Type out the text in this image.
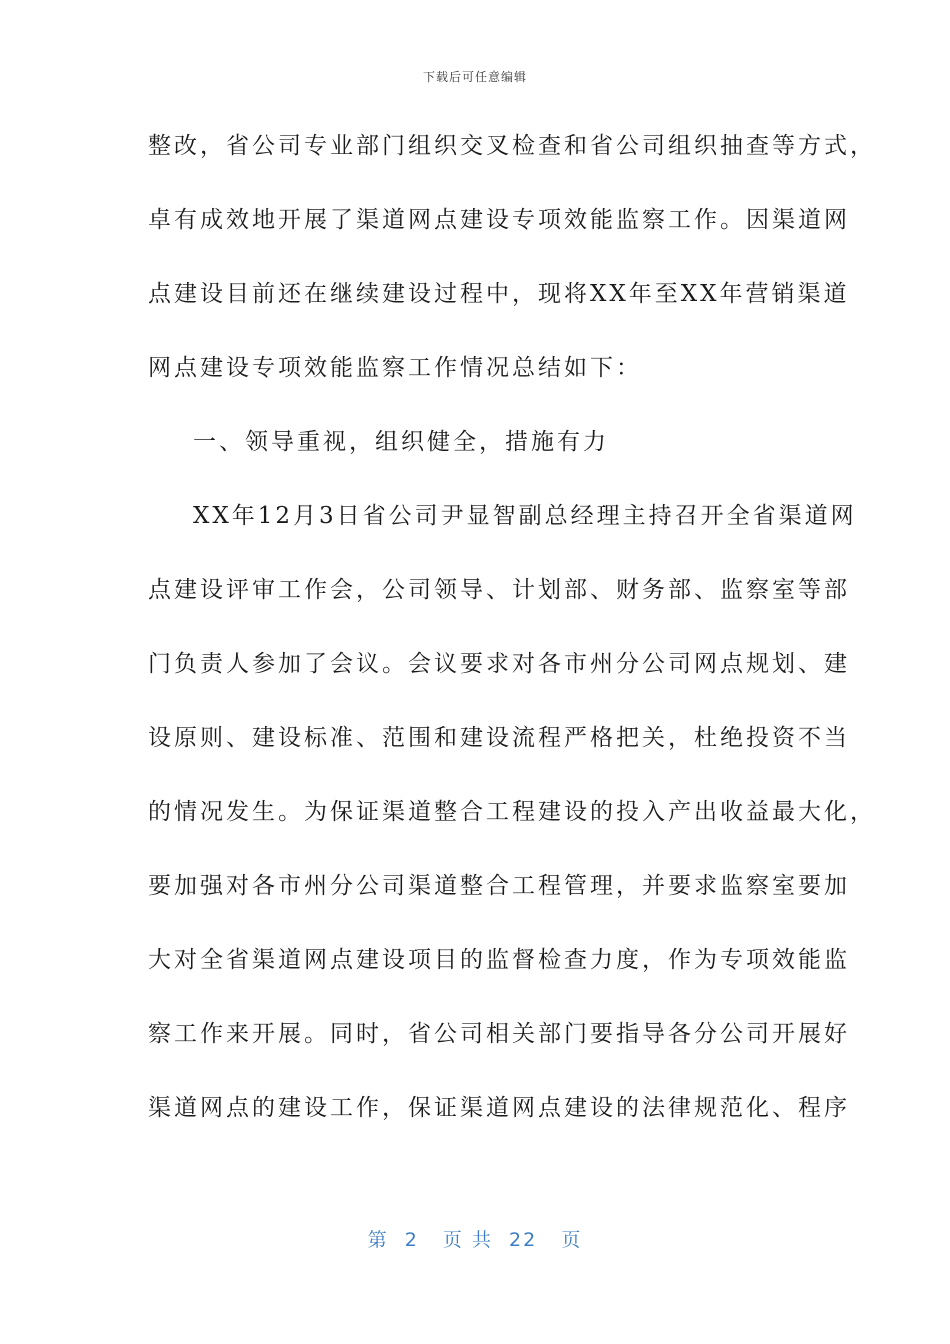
下载后可任意编辑
整改，省公司专业部门组织交叉检查和省公司组织抽查等方式，
卓有成效地开展了渠道网点建设专项效能监察工作。因渠道网
点建设目前还在继续建设过程中，现将XX年至XX年营销渠道
网点建设专项效能监察工作情况总结如下：
一、领导重视，组织健全，措施有力
XX年12月3日省公司尹显智副总经理主持召开全省渠道网
点建设评审工作会，公司领导、计划部、财务部、监察室等部
门负责人参加了会议。会议要求对各市州分公司网点规划、建
设原则、建设标准、范围和建设流程严格把关，杜绝投资不当
的情况发生。为保证渠道整合工程建设的投入产出收益最大化，
要加强对各市州分公司渠道整合工程管理，并要求监察室要加
大对全省渠道网点建设项目的监督检查力度，作为专项效能监
察工作来开展。同时，省公司相关部门要指导各分公司开展好
渠道网点的建设工作，保证渠道网点建设的法律规范化、程序
第  2   页 共  22   页
